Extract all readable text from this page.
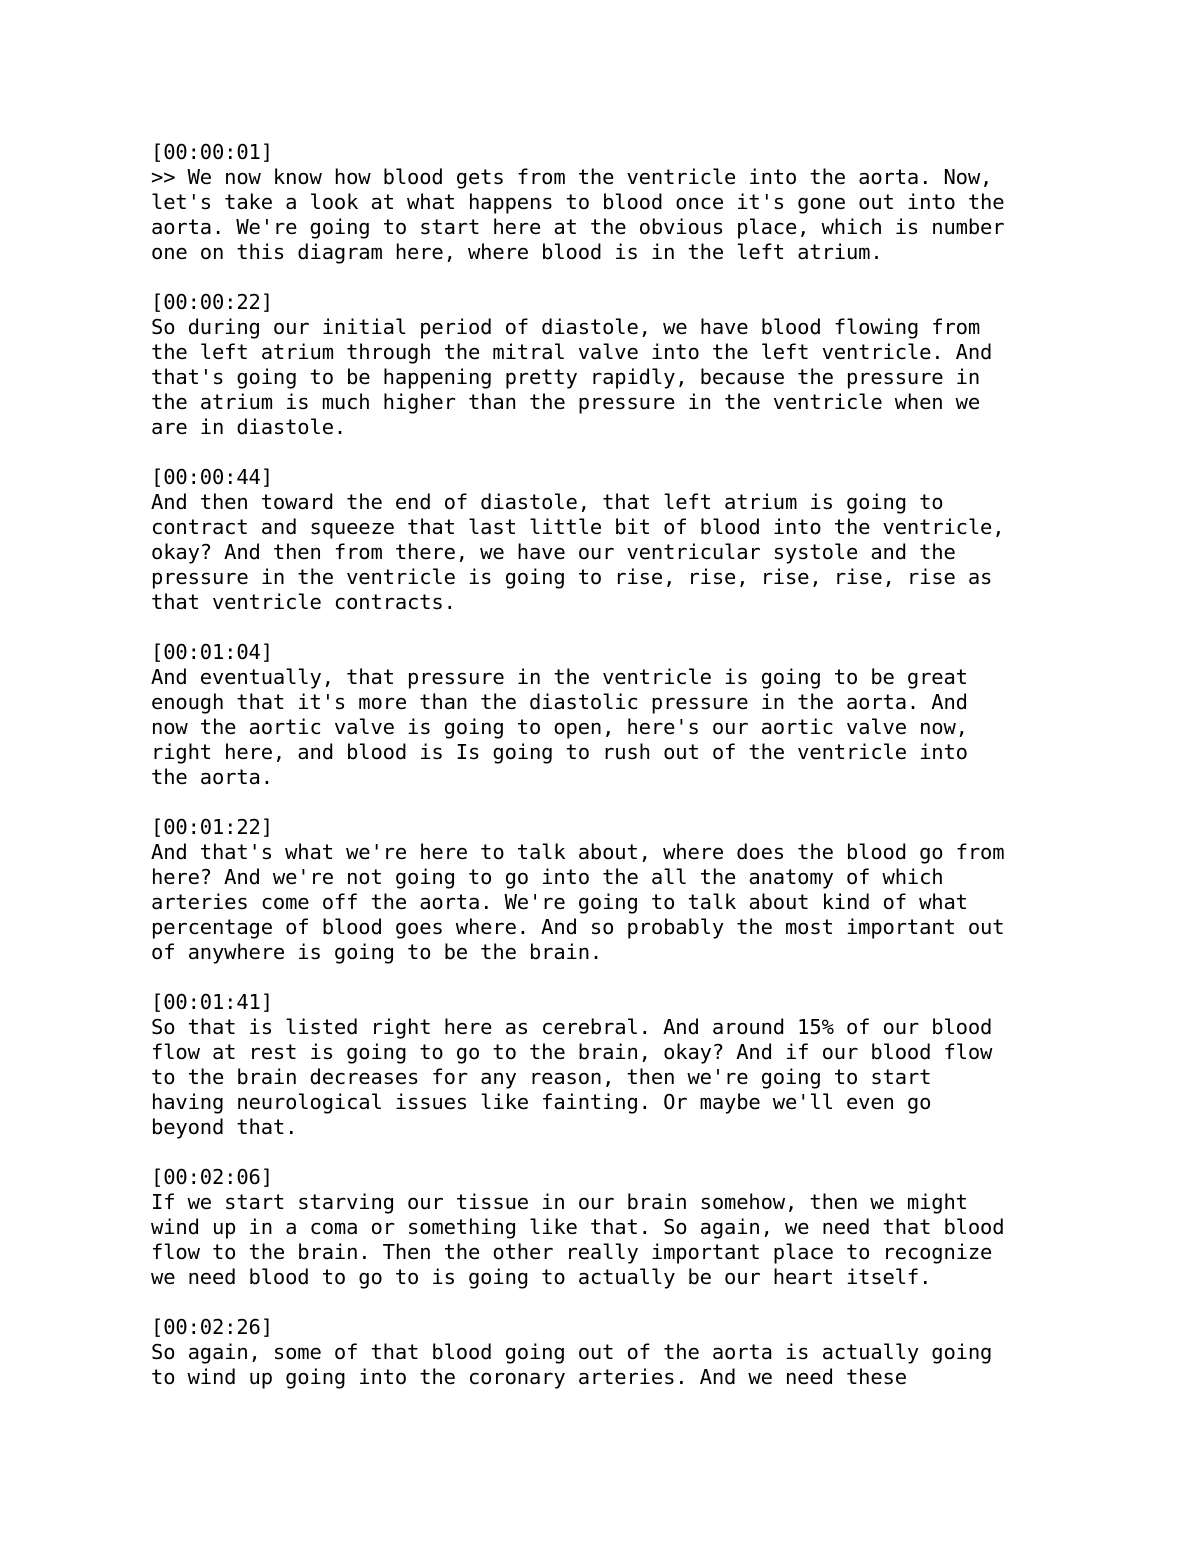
[00:00:01]
>> We now know how blood gets from the ventricle into the aorta. Now,
let's take a look at what happens to blood once it's gone out into the
aorta. We're going to start here at the obvious place, which is number
one on this diagram here, where blood is in the left atrium.
[00:00:22]
So during our initial period of diastole, we have blood flowing from
the left atrium through the mitral valve into the left ventricle. And
that's going to be happening pretty rapidly, because the pressure in
the atrium is much higher than the pressure in the ventricle when we
are in diastole.
[00:00:44]
And then toward the end of diastole, that left atrium is going to
contract and squeeze that last little bit of blood into the ventricle,
okay? And then from there, we have our ventricular systole and the
pressure in the ventricle is going to rise, rise, rise, rise, rise as
that ventricle contracts.
[00:01:04]
And eventually, that pressure in the ventricle is going to be great
enough that it's more than the diastolic pressure in the aorta. And
now the aortic valve is going to open, here's our aortic valve now,
right here, and blood is Is going to rush out of the ventricle into
the aorta.
[00:01:22]
And that's what we're here to talk about, where does the blood go from
here? And we're not going to go into the all the anatomy of which
arteries come off the aorta. We're going to talk about kind of what
percentage of blood goes where. And so probably the most important out
of anywhere is going to be the brain.
[00:01:41]
So that is listed right here as cerebral. And around 15% of our blood
flow at rest is going to go to the brain, okay? And if our blood flow
to the brain decreases for any reason, then we're going to start
having neurological issues like fainting. Or maybe we'll even go
beyond that.
[00:02:06]
If we start starving our tissue in our brain somehow, then we might
wind up in a coma or something like that. So again, we need that blood
flow to the brain. Then the other really important place to recognize
we need blood to go to is going to actually be our heart itself.
[00:02:26]
So again, some of that blood going out of the aorta is actually going
to wind up going into the coronary arteries. And we need these
